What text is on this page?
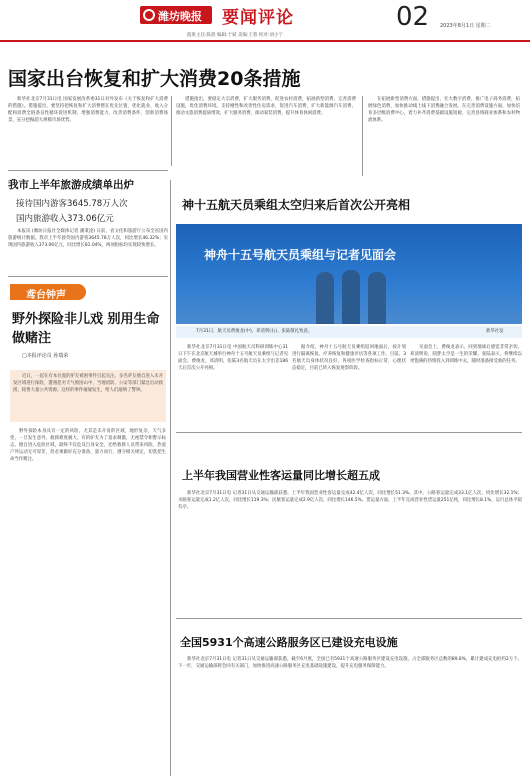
潍坊晚报 要闻评论	02 2023年8月1日 星期二
值班主任:陈晨 编辑:于斌 美编:王蓉 校对:刘小宁
国家出台恢复和扩大消费20条措施

新华社北京7月31日电 国家发展改革委31日对外发布《关于恢复和扩大消费的措施》。措施提出，要坚持把恢复和扩大消费摆在优先位置，优化就业、收入分配和消费全链条良性循环促进机制，增强消费能力，改善消费条件，创新消费场景，充分挖掘超大规模市场优势。

措施指出，要稳定大宗消费，扩大服务消费，促进农村消费，拓展新型消费，完善消费设施，优化消费环境。支持刚性和改善性住房需求，促进汽车消费，扩大新能源汽车消费，推动文旅消费提质增效，扩大服务消费，推动家装消费，提升体育休闲消费。

在拓展新型消费方面，措施提出，壮大数字消费，推广电子商务消费，拓展绿色消费，加快推动线上线下消费融合发展。在完善消费设施方面，加快培育多层级消费中心，着力补齐消费基础设施短板，完善县域商业体系和农村物流体系。

我市上半年旅游成绩单出炉
接待国内游客3645.78万人次
国内旅游收入373.06亿元

本报讯 (潍坊日报社全媒体记者 潘秉淦) 日前，省文化和旅游厅公布全省国内旅游统计数据。我市上半年接待国内游客3645.78万人次，同比增长46.32%；实现国内旅游收入373.06亿元，同比增长81.04%，两项指标均实现较快增长。

鸢台钟声
野外探险非儿戏 别用生命做赌注
□本报评论员 孙瑞荣

近日，一起在有本位置的驴友被困事件引起关注。多名驴友擅自进入未开发区域进行探险，遭遇恶劣天气被困山中，当地消防、公安等部门紧急出动救援，耗费大量公共资源。这样的事件屡屡发生，给人们敲响了警钟。

野外探险本身具有一定的风险，尤其是未开发的区域，地形复杂，天气多变，一旦发生意外，救援难度极大。有的驴友为了追求刺激，无视禁令和警示标志，擅自进入危险区域，最终不仅危及自身安全，还给救援人员带来风险。热爱户外运动无可厚非，但必须做好充分准备，量力而行，遵守相关规定，切莫把生命当作赌注。

神十五航天员乘组太空归来后首次公开亮相
神舟十五号航天员乘组与记者见面会
7月31日，航天员费俊龙(中)、邓清明(右)、张陆敬礼致意。	新华社发

新华社北京7月31日电 中国航天员科研训练中心31日下午在北京航天城举行神舟十五号航天员乘组与记者见面会。费俊龙、邓清明、张陆3名航天员在太空出差186天后首次公开亮相。

据介绍，神舟十五号航天员乘组返回地面后，按计划进行隔离恢复、疗养恢复和健康评估等各项工作。目前，3名航天员身体状况良好，各项医学检查指标正常，心理状态稳定，目前已转入恢复观察阶段。

见面会上，费俊龙表示，回到地球后感觉非常亲切。邓清明说，圆梦太空是一生的荣耀。张陆表示，将继续以更饱满的热情投入到训练中去，随时准备接受新的任务。

上半年我国营业性客运量同比增长超五成

新华社北京7月31日电 记者31日从交通运输部获悉，上半年我国营业性客运量完成42.4亿人次，同比增长51.3%。其中，公路客运量完成33.1亿人次，同比增长32.1%；水路客运量完成1.2亿人次，同比增长119.3%；民航客运量完成2.9亿人次，同比增长146.5%。货运量方面，上半年完成营业性货运量251亿吨，同比增长8.1%，运行总体平稳有序。

全国5931个高速公路服务区已建设充电设施

新华社北京7月31日电 记者31日从交通运输部获悉，截至6月底，全国已有5931个高速公路服务区建设充电设施，占全部服务区总数的89.8%，累计建成充电桩约2万个。下一步，交通运输部将会同有关部门，加快推进高速公路服务区充电基础设施建设，提升充电服务保障能力。
